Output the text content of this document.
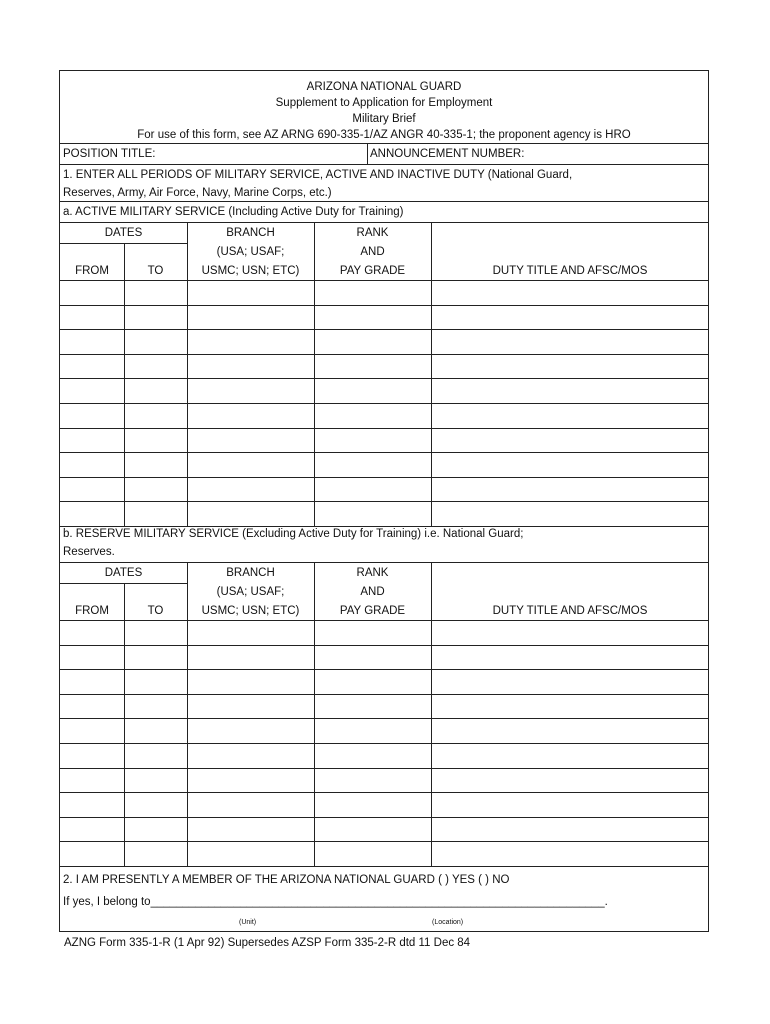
ARIZONA NATIONAL GUARD
Supplement to Application for Employment
Military Brief
For use of this form, see AZ ARNG 690-335-1/AZ ANGR 40-335-1; the proponent agency is HRO
POSITION TITLE:	ANNOUNCEMENT NUMBER:
1. ENTER ALL PERIODS OF MILITARY SERVICE, ACTIVE AND INACTIVE DUTY (National Guard,
Reserves, Army, Air Force, Navy, Marine Corps, etc.)
a. ACTIVE MILITARY SERVICE (Including Active Duty for Training)
DATES
FROM	TO
BRANCH	RANK
(USA; USAF;	AND
USMC; USN; ETC)	PAY GRADE	DUTY TITLE AND AFSC/MOS
b. RESERVE MILITARY SERVICE (Excluding Active Duty for Training) i.e. National Guard;
Reserves.
DATES
FROM	TO
BRANCH	RANK
(USA; USAF;	AND
USMC; USN; ETC)	PAY GRADE	DUTY TITLE AND AFSC/MOS
2. I AM PRESENTLY A MEMBER OF THE ARIZONA NATIONAL GUARD ( ) YES ( ) NO
If yes, I belong to_______________________________________________________________________.
(Unit)	(Location)
AZNG Form 335-1-R (1 Apr 92) Supersedes AZSP Form 335-2-R dtd 11 Dec 84
